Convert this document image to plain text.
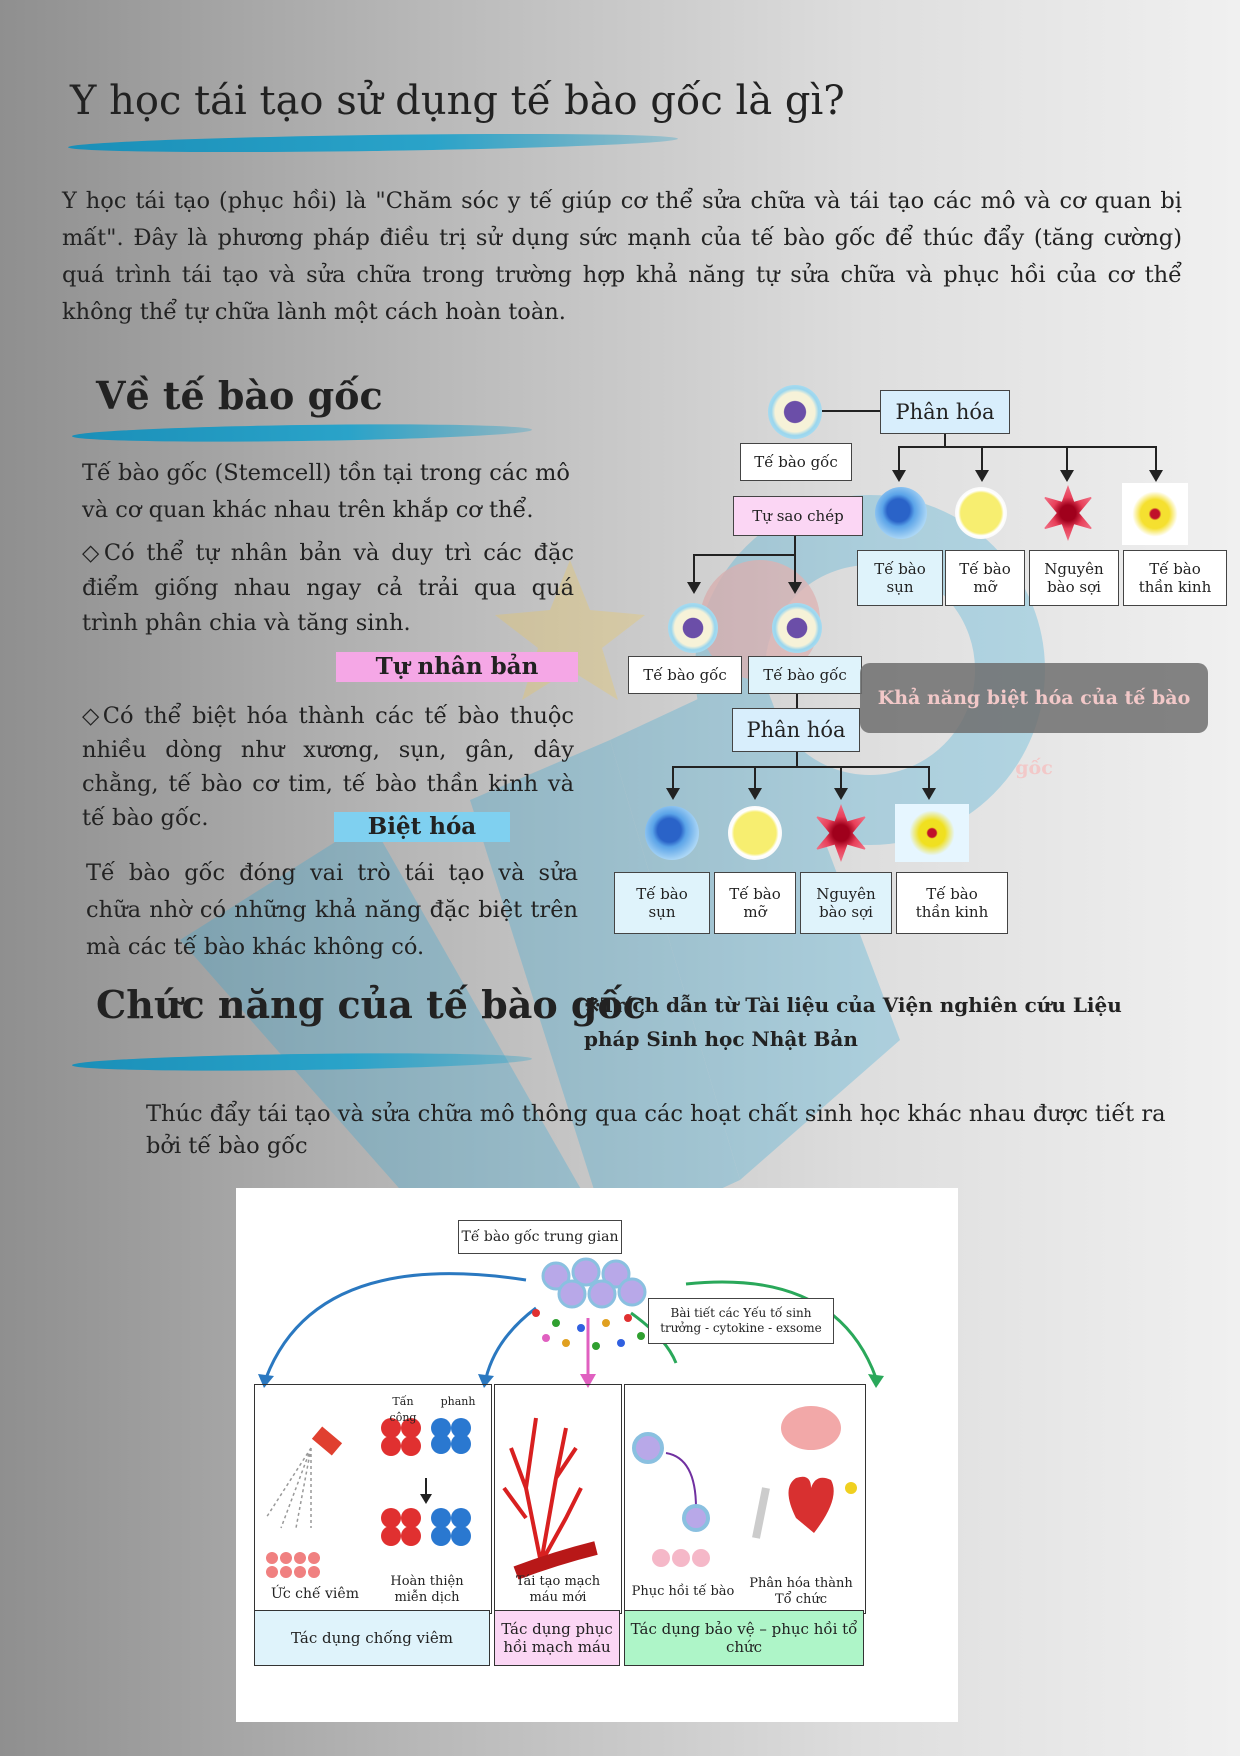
Y học tái tạo sử dụng tế bào gốc là gì?
Y học tái tạo (phục hồi) là "Chăm sóc y tế giúp cơ thể sửa chữa và tái tạo các mô và cơ quan bị mất". Đây là phương pháp điều trị sử dụng sức mạnh của tế bào gốc để thúc đẩy (tăng cường) quá trình tái tạo và sửa chữa trong trường hợp khả năng tự sửa chữa và phục hồi của cơ thể không thể tự chữa lành một cách hoàn toàn.
Về tế bào gốc
Tế bào gốc (Stemcell) tồn tại trong các mô và cơ quan khác nhau trên khắp cơ thể.
◇Có thể tự nhân bản và duy trì các đặc điểm giống nhau ngay cả trải qua quá trình phân chia và tăng sinh.
Tự nhân bản
◇Có thể biệt hóa thành các tế bào thuộc nhiều dòng như xương, sụn, gân, dây chằng, tế bào cơ tim, tế bào thần kinh và tế bào gốc.	Biệt hóa
Tế bào gốc đóng vai trò tái tạo và sửa chữa nhờ có những khả năng đặc biệt trên mà các tế bào khác không có.
Phân hóa
Tế bào gốc
Tự sao chép
Tế bào
sụn
Tế bào
mỡ
Nguyên
bào sợi
Tế bào
thần kinh
Tế bào gốc	Tế bào gốc
Phân hóa
Khả năng biệt hóa của tế bào gốc
Tế bào
sụn
Tế bào
mỡ
Nguyên
bào sợi
Tế bào
thần kinh
Chức năng của tế bào gốc
※Trích dẫn từ Tài liệu của Viện nghiên cứu Liệu pháp Sinh học Nhật Bản
Thúc đẩy tái tạo và sửa chữa mô thông qua các hoạt chất sinh học khác nhau được tiết ra bởi tế bào gốc
Tế bào gốc trung gian
Bài tiết các Yếu tố sinh trưởng - cytokine - exsome
Tấn công
phanh
Ức chế viêm
Hoàn thiện miễn dịch
Tái tạo mạch máu mới	Phục hồi tế bào
Phân hóa thành Tổ chức
Tác dụng chống viêm	Tác dụng phục hồi mạch máu
Tác dụng bảo vệ – phục hồi tổ chức
